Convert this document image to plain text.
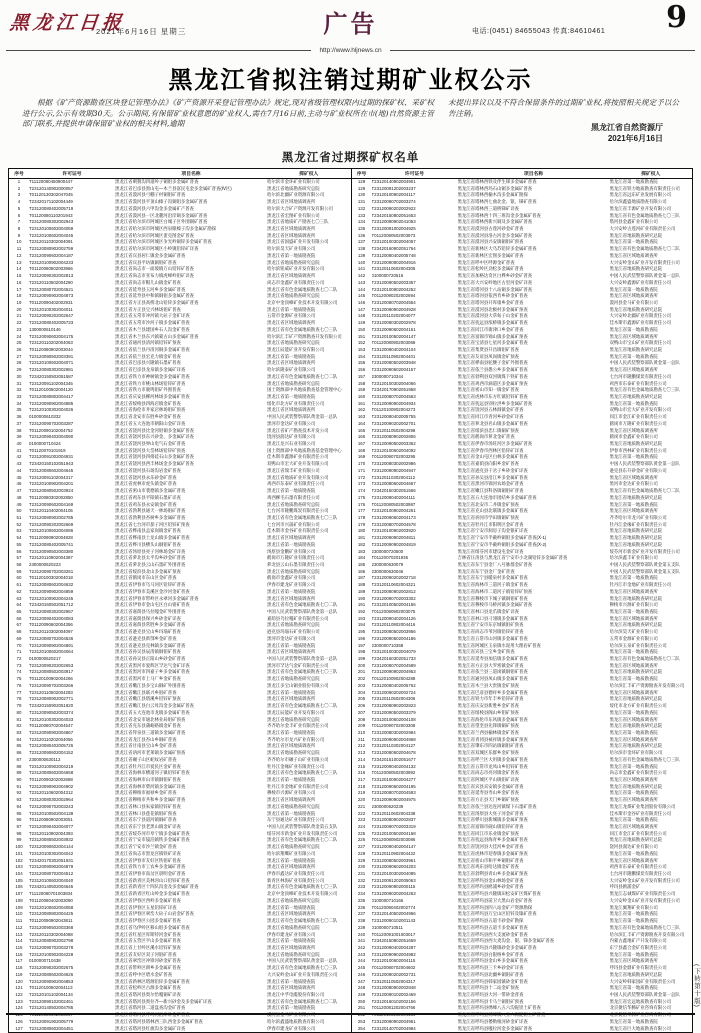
黑龙江日报
2021年6月16日 星期三	广告	电话:(0451) 84655043 传真:84610461 9
http://www.hljnews.cn
黑龙江省拟注销过期矿业权公示

根据《矿产资源勘查区块登记管理办法》《矿产资源开采登记管理办法》规定,现对省级管理权限内过期的探矿权、采矿权进行公示,公示有效期30天。公示期间,有保留矿业权意愿的矿业权人,需在7月16日前,主动与矿业权所在市(地)自然资源主管部门联系,并提供申请保留矿业权的相关材料,逾期

未提出异议以及不符合保留条件的过期矿业权,将按照相关规定予以公告注销。

黑龙江省自然资源厅
2021年6月16日
黑龙江省过期探矿权名单
序号	许可证号	项目名称	探矿权人
1	T11120080450900447	黑龙江省刺猬沟四道岭子铜钼多金属矿普查	哈尔滨市金环矿业有限公司
2	T23120140902000057	黑龙江省巴彦县黑山屯—木兰县富民屯金多金属矿普查(Ⅳ区)	黑龙江省地质勘查研究总院
3	T01120130302047045	黑龙江省漠河县弓棚子村铜钼矿普查	哈尔滨北疆矿业资源有限公司
4	T23420171102004449	黑龙江省漠河县平顶山榛子沟铜钼多金属矿普查	黑龙江省区域地质调查所
5	T23120080402005719	黑龙江省漠河县六甲沟金多金属矿产普查	哈尔滨大合矿产资源开发有限公司
6	T01120080110201943	黑龙江省漠河县一区北麓河沿岸铜多金属矿普查	黑龙江省宏图矿业有限公司
7	T23120080302002943	黑龙江省哈尔滨市阿城区白城子区外围铜矿普查	黑龙江省地质矿产勘查七〇三队
8	T23120100602004059	黑龙江省哈尔滨市阿城区西泉眼榛子沟多金属矿勘探	黑龙江省区域地质调查所
9	T23120100602004045	黑龙江省哈尔滨市阿城区蜚克图金矿普查	黑龙江省区域地质调查所
10	T23120110302004091	黑龙江省哈尔滨市阿城区争光岭铜锌多金属矿普查	黑龙江省国盛矿业开发有限公司
11	T23120080902002759	黑龙江省哈尔滨市阿城区小岭镇铅锌矿详查	哈尔滨昊天矿业有限公司
12	T23120090602004187	黑龙江省宾县居仁镇金多金属矿普查	黑龙江省第一地质勘查院
13	T23120100902004233	黑龙江省宾县平坊镇铜钼矿普查	黑龙江省地质勘查研究总院
14	T01120080502003966	黑龙江省尚志市一面坡镇万山铅锌矿普查	哈尔滨铭威矿业开发有限公司
15	T23120090302002813	黑龙江省尚志市亚布力镇虎峰岭钼矿详查	黑龙江省区域地质调查所
16	T23120110502004290	黑龙江省尚志市帽儿山镇金矿普查	尚志市金鑫矿业有限责任公司
17	T23120080702004521	黑龙江省延寿县玉河乡多金属矿普查	黑龙江省有色金属地质勘查七〇二队
18	T23120090902004873	黑龙江省延寿县中和镇铜钼多金属矿普查	黑龙江省地质勘查研究总院
19	T01120090402002931	黑龙江省方正县高楞北山铅锌多金属矿普查	北京中金顶峰矿业技术开发有限公司
20	T23120100302004011	黑龙江省方正县宝兴林场钼矿普查	黑龙江省第一地质勘查院
21	T23120090202002647	黑龙江省五常市冲河镇大砬子金矿详查	五常市金源矿业有限公司
22	T23120080402005733	黑龙江省五常市沙河子镇多金属矿普查	黑龙江省区域地质调查所
23	1300000610146	黑龙江省木兰县建国乡石人沟金矿普查	黑龙江省有色金属地质勘查七〇三队
24	T23120090602004175	黑龙江省木兰县东兴镇蒙古山多金属矿普查	哈尔滨汇丰矿产资源勘查开发有限公司
25	T23120110202004063	黑龙江省通河县清河镇铅锌矿预查	黑龙江省地质勘查研究总院
26	T01120080902003044	黑龙江省依兰县丹清河铜多金属矿普查	黑龙江辰能矿业开发有限公司
27	T23120090502003391	黑龙江省依兰县宏克力镇金矿普查	黑龙江省第一地质勘查院
28	T23120100602004071	黑龙江省巴彦县兴隆镇石墨矿普查	黑龙江省区域地质调查所
29	T23120080302002981	黑龙江省巴彦县龙泉镇多金属矿详查	哈尔滨隆泰矿业有限公司
30	T23420150502051587	黑龙江省铁力市神树镇金多金属矿普查	黑龙江省有色金属地质勘查七〇二队
31	T23120091102004345	黑龙江省铁力市桃山林场铅锌矿普查	黑龙江省地质勘查研究总院
32	T01120100502004120	黑龙江省铁力市鹿鸣钼矿外围普查	国土资源部中央地质勘查基金管理中心
33	T23120080802004417	黑龙江省庆安县柳河林场多金属矿普查	黑龙江省第一地质勘查院
34	T23120090902004885	黑龙江省绥棱县四海店镇金矿普查	绥化市北方矿业有限责任公司
35	T23120100302004026	黑龙江省海伦市井家店林场钼矿预查	黑龙江省区域地质调查所
36	0100000610332	黑龙江省北安市东胜乡砂金矿普查	中国人民武装警察部队黄金第一总队
37	T23120090702003287	黑龙江省五大连池市朝阳山金矿详查	黑河市金达矿业有限公司
38	T01120090102004752	黑龙江省饶河县比金河钼铜多金属矿普查	黑龙江省矿产勘查技术开发公司
39	T23120090402004090	黑龙江省饶河县东兴砂金、多金属矿详查	饶河县润达矿业有限公司
40	0100000710424	黑龙江省饶河县界山电气石金矿普查	黑龙江龙兴石业有限公司
41	T01120070101919	黑龙江省饶河县大岱林场铅锌矿预查	国土资源部中央地质勘查基金管理中心
42	T23120091002004931	黑龙江省饶河县四排硅石山多金属矿普查	佳木斯市鑫源矿业有限责任公司
43	T23420150102051943	黑龙江省饶河县西丰林场金多金属矿普查	双鸭山市宏大矿业开发有限公司
44	T23120080602004645	黑龙江省饶河县石场沟岩金矿普查	黑龙江省瑞丰矿业有限公司
45	T23120091102004317	黑龙江省饶河县永乐砂金矿普查	黑龙江省地质矿业开发有限公司
46	T23120100902004201	黑龙江省虎林市虎头镇金矿普查	鸡西市东泰矿业有限责任公司
47	T23120080502003924	黑龙江省密山市裴德镇多金属矿普查	黑龙江省第一地质勘查院
48	T01120080302002850	黑龙江省鸡东县平阳镇石墨矿详查	鸡西柳毛石墨有限责任公司
49	T23120090602004169	黑龙江省鸡东县永安镇金矿普查	黑龙江省地质勘查研究总院
50	T23120110402004105	黑龙江省勃利县通天一林场钼矿普查	七台河市隆鹏煤炭有限责任公司
51	T23120080902002785	黑龙江省勃利县杏树乡多金属矿普查	黑龙江省有色金属地质勘查七〇三队
52	T23120090202002669	黑龙江省七台河市茄子河区铅锌矿预查	七台河市兴晟矿业有限公司
53	T23120100602004086	黑龙江省桦南县孟家岗镇金矿普查	佳木斯市金谷矿业有限责任公司
54	T01120090902004828	黑龙江省桦南县土龙山镇多金属矿普查	黑龙江省区域地质调查所
55	T23120080402005741	黑龙江省桦川县横头山铜钼矿普查	黑龙江省第一地质勘查院
56	T23120090502003380	黑龙江省汤原县亮子河林场金矿详查	汤原县金鹏矿业有限公司
57	T23120110902004387	黑龙江省萝北县太平沟乡砂金矿普查	鹤岗市万隆矿业有限责任公司
58	2300000620223	黑龙江省萝北县云山石墨矿外围普查	萝北县云山石墨有限责任公司
59	T23120090702003251	黑龙江省绥滨县北山多金属矿预查	黑龙江省地质勘查研究总院
60	T01120100302004018	黑龙江省鹤岗市东山区金矿普查	鹤岗市金鑫矿业有限公司
61	T23120080602004632	黑龙江省伊春市乌马河区铅锌矿普查	伊春市建龙矿业有限公司
62	T23120090902004859	黑龙江省伊春市美溪区金沙河金矿普查	黑龙江省第一地质勘查院
63	T23120100902004245	黑龙江省伊春市带岭区永翠河多金属矿普查	黑龙江省区域地质调查所
64	T23420160502051712	黑龙江省伊春市金山屯区白山钼矿普查	黑龙江省有色金属地质勘查七〇二队
65	T23120080302002957	黑龙江省嘉荫县乌拉嘎金矿外围普查	中国人民武装警察部队黄金第一总队
66	T23120090402004083	黑龙江省嘉荫县保兴乡砂金矿详查	嘉荫县乌拉嘎矿业有限责任公司
67	T01120090602004356	黑龙江省嘉荫县常胜乡多金属矿普查	黑龙江省地质勘查研究总院
68	T23120110302004097	黑龙江省逊克县宝山乡玛瑙矿普查	逊克县玛瑙石矿业有限公司
69	T23120080702004536	黑龙江省逊克县新鄂乡金矿普查	黑河市金达矿业有限公司
70	T23120090902004891	黑龙江省逊克县克林镇多金属矿普查	黑龙江省第一地质勘查院
71	T23120100602004064	黑龙江省孙吴县辰清镇铜钼矿普查	黑龙江省区域地质调查所
72	0100000620217	黑龙江省孙吴县正阳山乡砂金矿普查	中国人民武装警察部队黄金第一总队
73	T23120090202002653	黑龙江省黑河市爱辉区罕达气金矿详查	黑河市罕达气金矿有限责任公司
74	T23120080502003917	黑龙江省黑河市四嘉子乡多金属矿普查	黑龙江省有色金属地质勘查七〇三队
75	T01120100902004266	黑龙江省黑河市上马厂乡金矿普查	黑龙江省地质勘查研究总院
76	T23120090702003266	黑龙江省嫩江县多宝山铜矿外围普查	黑龙江多宝山铜业股份有限公司
77	T23120110502004283	黑龙江省嫩江县联兴乡钼矿普查	黑龙江省第一地质勘查院
78	T23120080902002771	黑龙江省嫩江县塔溪乡铅锌矿预查	黑龙江省区域地质调查所
79	T23420150902051820	黑龙江省嫩江县白云母沟金多金属矿普查	黑龙江省有色金属地质勘查七〇二队
80	T23120090502003374	黑龙江省五大连池市龙镇多金属矿普查	黑龙江辰能矿业开发有限公司
81	T23120100302004033	黑龙江省北安市通北林业局钼矿预查	黑龙江省地质勘查研究总院
82	T01120080702004547	黑龙江省克东县蒲峪路镇金矿普查	齐齐哈尔金丰矿业有限责任公司
83	T23120090902004867	黑龙江省拜泉县三道镇多金属矿普查	黑龙江省第一地质勘查院
84	T23120110202004056	黑龙江省龙江县杏山乡铜矿普查	齐齐哈尔市龙兴矿业有限公司
85	T23120080402005726	黑龙江省甘南县宝山乡金矿普查	黑龙江省区域地质调查所
86	T23120090602004152	黑龙江省讷河市老莱镇多金属矿预查	黑龙江省地质勘查研究总院
87	2300000630112	黑龙江省碾子山区蛇纹岩矿普查	齐齐哈尔市碾子山矿业有限公司
88	T23120100902004219	黑龙江省牡丹江市爱民区金矿普查	牡丹江金缘矿业有限责任公司
89	T23120080602004658	黑龙江省海林市横道河子镇铅锌矿普查	黑龙江省有色金属地质勘查七〇三队
90	T01120090202002688	黑龙江省海林市山市镇铜钼矿普查	黑龙江省第一地质勘查院
91	T23120090902004902	黑龙江省海林市柴河镇多金属矿详查	牡丹江市金地矿业有限责任公司
92	T23120110602004312	黑龙江省穆棱市福禄乡金矿普查	穆棱市兴源矿业有限公司
93	T23120080302002964	黑龙江省穆棱市共和乡多金属矿普查	黑龙江省区域地质调查所
94	T23120090702003243	黑龙江省林口县朱家镇铅锌矿普查	黑龙江省地质勘查研究总院
95	T23120100502004138	黑龙江省林口县莲花镇钼矿预查	黑龙江省第一地质勘查院
96	T01120080902003051	黑龙江省东宁县道河镇铜矿普查	东宁县通达矿业有限责任公司
97	T23120090402004077	黑龙江省东宁县老黑山镇金矿详查	中国人民武装警察部队黄金第五支队
98	T23120110902004393	黑龙江省绥芬河市阜宁镇多金属矿普查	绥芬河市新金矿业开发有限责任公司
99	T23120080502003932	黑龙江省宁安市镜泊镇铁多金属矿普查	黑龙江省有色金属地质勘查七〇二队
100	T23120090602004144	黑龙江省宁安市沙兰镇金矿普查	黑龙江省地质勘查研究总院
101	T23120100302004042	黑龙江省尚志市黑龙宫镇铁矿详查	哈尔滨翔鹰矿业有限公司
102	T23420170302051931	黑龙江省伊春市友好区铁钼矿普查	黑龙江省第一地质勘查院
103	T23120090902004878	黑龙江省铁力市工农乡多金属矿普查	黑龙江省区域地质调查所
104	T23120080702004512	黑龙江省伊春市南岔区晨明金矿普查	伊春市鑫达矿业有限责任公司
105	T23120100602004040	黑龙江省新青区美林河山口铅锌矿普查	新青区林海矿业有限责任公司
106	T23420140502004645	黑龙江省新青区十四队沟金及多金属矿普查	黑龙江省有色金属地质勘查七〇三队
107	T11120080701003834	黑龙江省新青区红山岭金多金属矿普查	北京中金顶峰矿业技术开发有限公司
108	T01120080402003090	黑龙江省伊春区西岭多金属矿普查	黑龙江省地质勘查研究总院
109	T23120100602004058	黑龙江省伊春区五星铅锌矿详查	黑龙江省第一地质勘查院
110	T23120080802004425	黑龙江省伊春区翠峦大砬子山岩金矿普查	黑龙江省区域地质调查所
111	T01120090902043811	黑龙江省伊春区公园多金属矿普查	黑龙江省有色金属地质勘查七〇二队
112	T23120090502003368	黑龙江省乌伊岭区移山钼多金属矿普查	黑龙江省地质勘查研究总院
113	T23120110302004088	黑龙江省红星区库斯特河金矿普查	伊春市建龙矿业有限公司
114	T23120080902002798	黑龙江省五营区平山多金属矿普查	黑龙江省第一地质勘查院
115	T23120090702003278	黑龙江省上甘岭区溪水铅锌矿预查	黑龙江省区域地质调查所
116	T23120100902004228	黑龙江省友好区双子河钼矿普查	黑龙江省地质勘查研究总院
117	0100000710438	黑龙江省翠峦区冲锋河砂金矿普查	中国人民武装警察部队黄金第一总队
118	T23120090202002675	黑龙江省带岭区朗乡多金属矿普查	黑龙江省有色金属地质勘查七〇三队
119	T23120080602004626	黑龙江省呼中区碧水金矿普查	大兴安岭金山矿业开发有限责任公司
120	T23120090902004853	黑龙江省新林区塔源铅锌多金属矿普查	黑龙江省第一地质勘查院
121	T01120100502004113	黑龙江省松岭区古源多金属矿普查	黑龙江省区域地质调查所
122	T23120101102004134	黑龙江省塔河县奥尔恰嘎铜矿详查	黑龙江中孚电缆股份有限公司
123	T23120090102002451	黑龙江省塔河县奥拉齐—新兴砂金及多金属矿详查	黑龙江省有色金属地质勘查七〇二队
124	T23120140502004785	黑龙江省塔河县二道盘查沟金矿普查	黑龙江省第一地质勘查院
125	T01120080902000047	黑龙江省塔河县呼玛河沿岸砂金矿普查	漠河县金马矿业有限公司
126	T23120091902005779	黑龙江省塔河县塔林西三队西金多金属矿普查	哈尔滨鑫盛地质勘查有限公司
127	T23120080602004451	黑龙江省塔河县红旗沟多金属矿详查	伊春市建龙矿业有限公司
序号	许可证号	项目名称	探矿权人
128	T23120140902004901	黑龙江省塔林西铁及伴生锑多金属矿普查	黑龙江省第一地质勘查院
129	T23120091202003237	黑龙江省塔林西玛石山铜多金属矿普查	黑龙江省铁力地质勘查有限责任公司
130	T23120100902004117	黑龙江省塔林西榆木沟多金属矿勘探	黑龙江省远东矿业发展有限公司
131	T23120090702003274	黑龙江省塔林西七曲北金、银、锑矿普查	哈尔滨鑫盛地质勘查有限公司
132	T23120090202002922	黑龙江省塔林西三道桥锑矿详查	黑龙江省丰源矿业开发有限公司
133	T23420150802051653	黑龙江省塔林西十四三班沟金多金属矿普查	黑龙江省有色金属地质勘查七〇三队
134	T23120080902041053	黑龙江省塔林西新兴铜及多金属矿普查	塔河县金鑫矿业有限公司
135	T23120091002004925	黑龙江省漠河县古莲河砂金矿普查	大兴安岭古莲河矿业有限责任公司
136	T01120080502003973	黑龙江省漠河县洛古河金多金属矿普查	黑龙江省地质勘查研究总院
137	T23120100302004057	黑龙江省漠河县兴安镇铜钼矿预查	黑龙江省第一地质勘查院
138	T23420160902051764	黑龙江省新林区大乌苏铅锌多金属矿普查	黑龙江省有色金属地质勘查七〇二队
139	T23120080402005748	黑龙江省新林区宏图多金属矿普查	黑龙江省区域地质调查所
140	T23120090902004916	黑龙江省呼中区呼源金矿普查	大兴安岭金山矿业开发有限责任公司
141	T23120110602004305	黑龙江省松岭区劲松多金属矿普查	黑龙江省地质勘查研究总院
142	0100000720516	黑龙江省加格达奇区白桦乡砂金矿普查	中国人民武装警察部队黄金第一总队
143	T23120090502003357	黑龙江省大兴安岭地区古里河金矿详查	大兴安岭鑫源矿业有限责任公司
144	T23120100902004252	黑龙江省塔河县十八站铜多金属矿普查	黑龙江省第一地质勘查院
145	T01120090202002694	黑龙江省塔河县依西肯乡砂金矿普查	黑龙江省区域地质调查所
146	T23120080702004554	黑龙江省塔河县开库康乡金矿普查	漠河县金马矿业有限公司
147	T23120090902004928	黑龙江省漠河县北极村多金属矿预查	黑龙江省地质勘查研究总院
148	T23120110202004077	黑龙江省漠河县大草甸子山金矿普查	大兴安岭北疆矿业有限责任公司
149	T23120080302002978	黑龙江省抚远县浓桥镇多金属矿普查	佳木斯市鑫源矿业有限责任公司
150	T23120090602004161	黑龙江省同江市街津口乡金矿普查	黑龙江省第一地质勘查院
151	T23120100502004147	黑龙江省富锦市锦山镇多金属矿预查	黑龙江省区域地质调查所
152	T01120080902003068	黑龙江省宝清县七星河多金属矿普查	双鸭山市宝山矿业有限责任公司
153	T23120090402004104	黑龙江省集贤县升昌镇钼矿普查	黑龙江省地质勘查研究总院
154	T23120110902004401	黑龙江省友谊县凤岗镇金矿预查	黑龙江省第一地质勘查院
155	T23120080502003948	黑龙江省桦南县驼腰子金矿外围普查	中国人民武装警察部队黄金第一总队
156	T23120090602004157	黑龙江省依兰县愚公乡多金属矿普查	黑龙江省区域地质调查所
157	2300000710344	黑龙江省勃利县双河镇煤下铁矿普查	七台河市隆鹏煤炭有限责任公司
158	T23120100302004066	黑龙江省鸡西市滴道区多金属矿预查	鸡西市东泰矿业有限责任公司
159	T23420170902051958	黑龙江省密山市知一镇金矿普查	黑龙江省有色金属地质勘查七〇三队
160	T23120080702004563	黑龙江省虎林市东方红镇铅锌矿普查	黑龙江省地质勘查研究总院
161	T23120090902004934	黑龙江省抚远县别拉洪乡多金属矿普查	黑龙江省第一地质勘查院
162	T01120100902004273	黑龙江省饶河县五林洞镇金矿普查	双鸭山市宏大矿业开发有限公司
163	T23120080402005755	黑龙江省同江市青河乡砂金矿详查	同江市金江矿业有限责任公司
164	T23120090202002701	黑龙江省萝北县名山镇多金属矿普查	鹤岗市万隆矿业有限责任公司
165	T23120110502004298	黑龙江省绥滨县忠仁镇铜矿预查	黑龙江省区域地质调查所
166	T23120080902002806	黑龙江省鹤岗市萝北金矿普查	鹤岗市金鑫矿业有限公司
167	T23120090502003362	黑龙江省伊春市汤旺河区多金属矿普查	黑龙江省地质勘查研究总院
168	T23120100602004092	黑龙江省伊春市西林区铅锌矿详查	伊春市西林矿业有限责任公司
169	T01120090702003295	黑龙江省金山屯区白林多金属矿普查	黑龙江省第一地质勘查院
170	T23120080302002986	黑龙江省嘉荫县向阳乡金矿普查	中国人民武装警察部队黄金第一总队
171	T23120090902004947	黑龙江省逊克县干岔子乡砂金矿详查	逊克县东升砂金矿业有限公司
172	T23120110302004112	黑龙江省孙吴县沿江乡多金属矿普查	黑龙江省区域地质调查所
173	T23120080602004667	黑龙江省黑河市锦河农场金矿普查	黑河市金达矿业有限公司
174	T23420150302051566	黑龙江省嫩江县科洛镇铜钼矿普查	黑龙江省有色金属地质勘查七〇二队
175	T23120090402004111	黑龙江省五大连池市团结乡多金属矿普查	黑龙江省地质勘查研究总院
176	T01120080502003987	黑龙江省北安市二井镇金矿预查	黑龙江省第一地质勘查院
177	T23120100902004261	黑龙江省克山县北联镇多金属矿普查	黑龙江省区域地质调查所
178	T23120090602004173	黑龙江省讷河市学田镇铜矿预查	齐齐哈尔市龙兴矿业有限公司
179	T23120080702004578	黑龙江省牡丹江市阳明区金矿普查	牡丹江金缘矿业有限责任公司
180	T23120100902003920	黑龙江省宁安市洞房子沟金银矿详查	黑龙江省地质勘查研究总院
181	T23120090902004811	黑龙江省宁安市半截岭铜钼多金属矿普查(Ⅹ-1)	黑龙江省地质勘查研究总院
182	T23120090902004819	黑龙江省宁安市半截岭铜钼多金属矿普查(Ⅹ-2)	黑龙江省地质勘查研究总院
183	2300000720500	黑龙江省绥芬河市建设屯金矿详查	绥芬河市新金矿业开发有限责任公司
184	T01120070201935	吉林省汪清县与黑龙江省宁安市小北湖铅锌多金属矿普查	哈尔滨鑫丰矿业有限公司
185	2300000630079	黑龙江省东宁县金厂八号脉群金矿普查	中国人民武装警察部队黄金第五支队
186	2300000630046	黑龙江省东宁县金厂金矿普查	中国人民武装警察部队黄金第五支队
187	T23120090202002718	黑龙江省东宁县暖泉村多金属矿普查	黑龙江省第一地质勘查院
188	T23120110602004321	黑龙江省海林市三道河子镇金矿普查	牡丹江市金地矿业有限责任公司
189	T23120080902002812	黑龙江省海林市二道河子镇铅锌矿预查	黑龙江省区域地质调查所
190	T23120090702003302	黑龙江省穆棱市下城子镇铜钼矿普查	黑龙江省地质勘查研究总院
191	T23120100502004156	黑龙江省穆棱市马桥河镇多金属矿普查	穆棱市兴源矿业有限公司
192	T01120080902003075	黑龙江省林口县龙爪镇金矿详查	黑龙江省第一地质勘查院
193	T23120090402004126	黑龙江省林口县刁翎镇多金属矿普查	黑龙江省区域地质调查所
194	T23120110902004416	黑龙江省宁安市东京城镇钼矿预查	黑龙江省地质勘查研究总院
195	T23120080502003956	黑龙江省尚志市苇河镇铅锌矿普查	哈尔滨昊天矿业有限公司
196	T23120090602004186	黑龙江省五常市山河镇多金属矿普查	五常市金源矿业有限公司
197	2300000710358	黑龙江省阿城区玉泉镇水泥用大理岩矿普查	哈尔滨玉泉矿业有限责任公司
198	T23120100302004079	黑龙江省宾县三宝乡金矿预查	黑龙江省第一地质勘查院
199	T23420160302051733	黑龙江省延寿县加信镇多金属矿普查	黑龙江省有色金属地质勘查七〇二队
200	T23120080702004589	黑龙江省方正县大罗密镇金矿普查	黑龙江省区域地质调查所
201	T23120090902004953	黑龙江省依兰县三道岗镇铜钼矿普查	黑龙江省地质勘查研究总院
202	T01120100902004288	黑龙江省通河县凤山镇多金属矿普查	黑龙江省第一地质勘查院
203	T23120080402005762	黑龙江省木兰县大贵镇金矿预查	哈尔滨汇丰矿产资源勘查开发有限公司
204	T23120090202002724	黑龙江省巴彦县德祥乡多金属矿普查	黑龙江省区域地质调查所
205	T23120110502004306	黑龙江省铁力市年丰乡铅锌矿普查	黑龙江省地质勘查研究总院
206	T23120080902002823	黑龙江省庆安县新胜乡金矿普查	绥化市北方矿业有限责任公司
207	T23120090502003379	黑龙江省绥棱县阁山乡钼矿预查	黑龙江省第一地质勘查院
208	T23120100602004108	黑龙江省海伦市东风镇多金属矿普查	黑龙江省区域地质调查所
209	T01120090702003308	黑龙江省望奎县先锋镇铜矿预查	黑龙江省地质勘查研究总院
210	T23120080302002994	黑龙江省兰西县榆林镇金矿普查	黑龙江省第一地质勘查院
211	T23120090902004968	黑龙江省青冈县祯祥镇多金属矿预查	黑龙江省区域地质调查所
212	T23120110302004127	黑龙江省肇东市四站镇铜钼矿普查	黑龙江省地质勘查研究总院
213	T23120080602004678	黑龙江省双城区乐群乡金矿预查	哈尔滨市金环矿业有限公司
214	T23420151002051677	黑龙江省呼兰区大用镇多金属矿普查	黑龙江省有色金属地质勘查七〇三队
215	T23120090402004132	黑龙江省五常市龙凤山乡铅锌矿普查	黑龙江省第一地质勘查院
216	T01120080502003992	黑龙江省尚志市亮河镇金矿普查	尚志市金鑫矿业有限责任公司
217	T23120100902004277	黑龙江省阿城区平山镇钼矿详查	黑龙江省区域地质调查所
218	T23120090602004195	黑龙江省宾县宾安镇多金属矿普查	黑龙江省地质勘查研究总院
219	T23120080702004593	黑龙江省延寿县寿山乡金矿普查	黑龙江省第一地质勘查院
220	T23120090902004975	黑龙江省方正县天门乡铜矿预查	黑龙江省区域地质调查所
221	2300000620239	黑龙江省依兰县达连河镇煤下石墨矿普查	黑龙江龙煤矿业集团股份有限公司
222	T23120110602004338	黑龙江省汤原县大亮子河金矿普查	佳木斯市金谷矿业有限责任公司
223	T23120080902002837	黑龙江省桦川县新城镇多金属矿预查	黑龙江省第一地质勘查院
224	T23120090702003319	黑龙江省富锦市砚山镇铅锌矿普查	黑龙江省区域地质调查所
225	T23120100502004168	黑龙江省同江市乐业镇金矿预查	同江市金江矿业有限责任公司
226	T01120080902003086	黑龙江省抚远县海青乡多金属矿普查	黑龙江省地质勘查研究总院
227	T23120090402004147	黑龙江省饶河县大佳河乡金矿普查	饶河县润达矿业有限公司
228	T23120110902004422	黑龙江省虎林市迎春镇多金属矿预查	黑龙江省第一地质勘查院
229	T23120080502003961	黑龙江省密山市和平乡铜钼矿普查	黑龙江省区域地质调查所
230	T23120090602004203	黑龙江省鸡东县哈达镇金矿普查	鸡西市东泰矿业有限责任公司
231	T23120100302004085	黑龙江省勃利县青山乡多金属矿预查	七台河市隆鹏煤炭有限责任公司
232	T23120091202005063	黑龙江省呼玛县金山林场金矿普查	大兴安岭金山矿业开发有限责任公司
233	T23120090902000115	黑龙江省呼玛县鸥浦乡砂金矿普查	呼玛县鸥浦金矿
234	T23120090202004263	黑龙江省呼玛县兴隆镇田松安矿区煤矿普查	黑龙江志诚煤矿矿业有限责任公司
235	0100000710166	黑龙江省呼玛县前卫大黑山岩金矿普查	大兴安岭金山矿业开发有限责任公司
236	T01120090402002774	黑龙江省呼玛县四八站金矿产资源勘探	黑龙江翼翔矿业有限公司
237	T23120140502004956	黑龙江省呼玛县万宝山区铅锌及镍矿普查	黑龙江省第一地质勘查院
238	T23120090102001143	黑龙江省呼玛县五道卡砂金矿勘探	黑龙江省第一地质勘查院
239	0100000710511	黑龙江省呼玛县五道卡多金属矿普查	黑龙江省有色金属地质勘查七〇三队
240	T01120091001003017	黑龙江省呼玛县西大支流砂金矿普查	哈尔滨汇丰矿产资源勘查开发有限公司
241	T23420150802051659	黑龙江省呼玛县西大麦沟金、银、锑多金属矿普查	内蒙古鑫地矿产开发有限公司
242	T23120090402004287	黑龙江省呼玛县兴隆镇砂金多金属矿普查	东宁县鑫合金矿有限责任公司
243	T23120090902004982	黑龙江省呼玛县白银纳乡金矿普查	黑龙江省第一地质勘查院
244	T23120100602004115	黑龙江省呼玛县金山乡多金属矿普查	黑龙江省区域地质调查所
245	T01120080702004602	黑龙江省呼玛县三卡乡砂金矿详查	呼玛县金鼎矿业有限责任公司
246	T23120090202002731	黑龙江省呼玛县北疆乡铜钼矿普查	黑龙江省地质勘查研究总院
247	T23120110502004317	黑龙江省呼玛县韩家园镇砂金矿普查	大兴安岭韩家园矿业有限责任公司
248	T23120080902002848	黑龙江省呼玛县十二站金矿预查	黑龙江省第一地质勘查院
249	T23120090102002469	黑龙江省呼玛县大河一带砂金普查	中国人民武装警察部队黄金第一总队
250	T23120160102002156	黑龙江省呼玛县卡马兰铜钼矿预查	黑龙江省宏远地质勘查有限公司
251	T01120081202004766	黑龙江省呼玛县绣峰八五六沟铌钽土矿普查	北京捷信华腾矿业咨询有限公司
252	T01120100202004154	黑龙江省呼玛县绣峰镇八五六沟铌钽土矿普查	北京捷信华腾矿业咨询有限公司
253	T23120090902004961	黑龙江省呼玛县倭勒根河砂金矿详查	黑龙江省第一地质勘查院
254	T23120140702004984	黑龙江省呼玛县嘎拉河金多金属矿普查	黑龙江省巨大地质勘查有限公司
(下转第十版)
